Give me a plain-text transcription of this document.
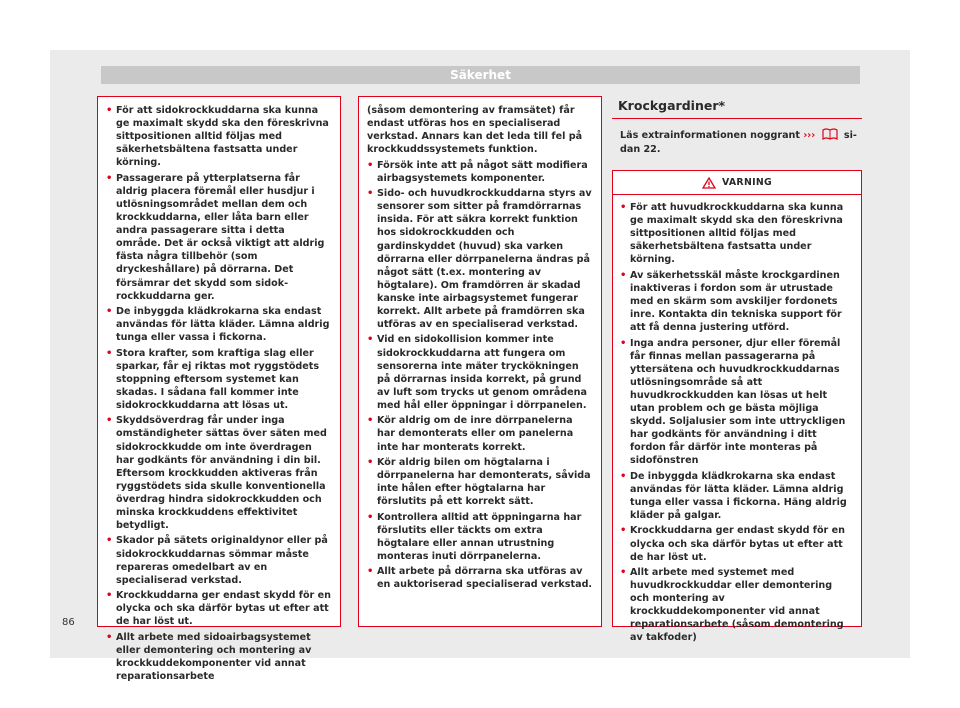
Säkerhet
• För att sidokrockkuddarna ska kunna ge maximalt skydd ska den föreskrivna sittpositionen alltid följas med säkerhetsbältena fastsatta under körning.
• Passagerare på ytterplatserna får aldrig placera föremål eller husdjur i utlösningsområdet mellan dem och krockkuddarna, eller låta barn eller andra passagerare sitta i detta område. Det är också viktigt att aldrig fästa några tillbehör (som dryckeshållare) på dörrarna. Det försämrar det skydd som sidokrockkuddarna ger.
• De inbyggda klädkrokarna ska endast användas för lätta kläder. Lämna aldrig tunga eller vassa i fickorna.
• Stora krafter, som kraftiga slag eller sparkar, får ej riktas mot ryggstödets stoppning eftersom systemet kan skadas. I sådana fall kommer inte sidokrockkuddarna att lösas ut.
• Skyddsöverdrag får under inga omständigheter sättas över säten med sidokrockkudde om inte överdragen har godkänts för användning i din bil. Eftersom krockkudden aktiveras från ryggstödets sida skulle konventionella överdrag hindra sidokrockkudden och minska krockkuddens effektivitet betydligt.
• Skador på sätets originaldynor eller på sidokrockkuddarnas sömmar måste repareras omedelbart av en specialiserad verkstad.
• Krockkuddarna ger endast skydd för en olycka och ska därför bytas ut efter att de har löst ut.
• Allt arbete med sidoairbagsystemet eller demontering och montering av krockkuddekomponenter vid annat reparationsarbete

(såsom demontering av framsätet) får endast utföras hos en specialiserad verkstad. Annars kan det leda till fel på krockkuddssystemets funktion.

• Försök inte att på något sätt modifiera airbagsystemets komponenter.
• Sido- och huvudkrockkuddarna styrs av sensorer som sitter på framdörrarnas insida. För att säkra korrekt funktion hos sidokrockkudden och gardinskyddet (huvud) ska varken dörrarna eller dörrpanelerna ändras på något sätt (t.ex. montering av högtalare). Om framdörren är skadad kanske inte airbagsystemet fungerar korrekt. Allt arbete på framdörren ska utföras av en specialiserad verkstad.
• Vid en sidokollision kommer inte sidokrockkuddarna att fungera om sensorerna inte mäter tryckökningen på dörrarnas insida korrekt, på grund av luft som trycks ut genom områdena med hål eller öppningar i dörrpanelen.
• Kör aldrig om de inre dörrpanelerna har demonterats eller om panelerna inte har monterats korrekt.
• Kör aldrig bilen om högtalarna i dörrpanelerna har demonterats, såvida inte hålen efter högtalarna har förslutits på ett korrekt sätt.
• Kontrollera alltid att öppningarna har förslutits eller täckts om extra högtalare eller annan utrustning monteras inuti dörrpanelerna.
• Allt arbete på dörrarna ska utföras av en auktoriserad specialiserad verkstad.
Krockgardiner*
Läs extrainformationen noggrant ›››	sidan 22.
VARNING
• För att huvudkrockkuddarna ska kunna ge maximalt skydd ska den föreskrivna sittpositionen alltid följas med säkerhetsbältena fastsatta under körning.
• Av säkerhetsskäl måste krockgardinen inaktiveras i fordon som är utrustade med en skärm som avskiljer fordonets inre. Kontakta din tekniska support för att få denna justering utförd.
• Inga andra personer, djur eller föremål får finnas mellan passagerarna på yttersätena och huvudkrockkuddarnas utlösningsområde så att huvudkrockkudden kan lösas ut helt utan problem och ge bästa möjliga skydd. Soljalusier som inte uttryckligen har godkänts för användning i ditt fordon får därför inte monteras på sidofönstren
• De inbyggda klädkrokarna ska endast användas för lätta kläder. Lämna aldrig tunga eller vassa i fickorna. Häng aldrig kläder på galgar.
• Krockkuddarna ger endast skydd för en olycka och ska därför bytas ut efter att de har löst ut.
• Allt arbete med systemet med huvudkrockkuddar eller demontering och montering av krockkuddekomponenter vid annat reparationsarbete (såsom demontering av takfoder)
86
